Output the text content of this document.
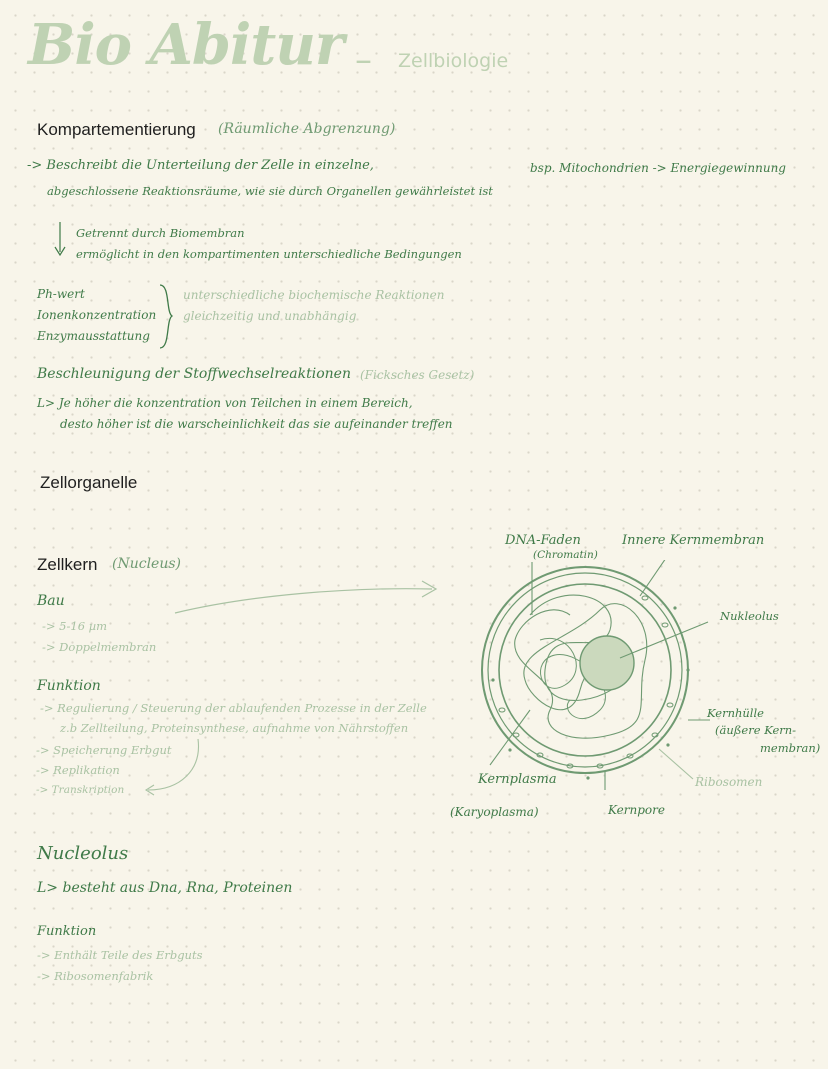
Bio Abitur – Zellbiologie
Kompartementierung (Räumliche Abgrenzung)
-> Beschreibt die Unterteilung der Zelle in einzelne,
abgeschlossene Reaktionsräume, wie sie durch Organellen gewährleistet ist
bsp. Mitochondrien -> Energiegewinnung
Getrennt durch Biomembran
ermöglicht in den kompartimenten unterschiedliche Bedingungen
Ph-wert
Ionenkonzentration
Enzymausstattung
unterschiedliche biochemische Reaktionen
gleichzeitig und unabhängig
Beschleunigung der Stoffwechselreaktionen (Ficksches Gesetz)
L> Je höher die konzentration von Teilchen in einem Bereich,
desto höher ist die warscheinlichkeit das sie aufeinander treffen
Zellorganelle
Zellkern (Nucleus)
Bau
-> 5-16 µm
-> Doppelmembran
Funktion
-> Regulierung / Steuerung der ablaufenden Prozesse in der Zelle
z.b Zellteilung, Proteinsynthese, aufnahme von Nährstoffen
-> Speicherung Erbgut
-> Replikation
-> Transkription
DNA-Faden
(Chromatin)
Innere Kernmembran
Nukleolus
Kernhülle
(äußere Kern-
membran)
Ribosomen
Kernplasma
(Karyoplasma)	Kernpore
Nucleolus
L> besteht aus Dna, Rna, Proteinen
Funktion
-> Enthält Teile des Erbguts
-> Ribosomenfabrik
